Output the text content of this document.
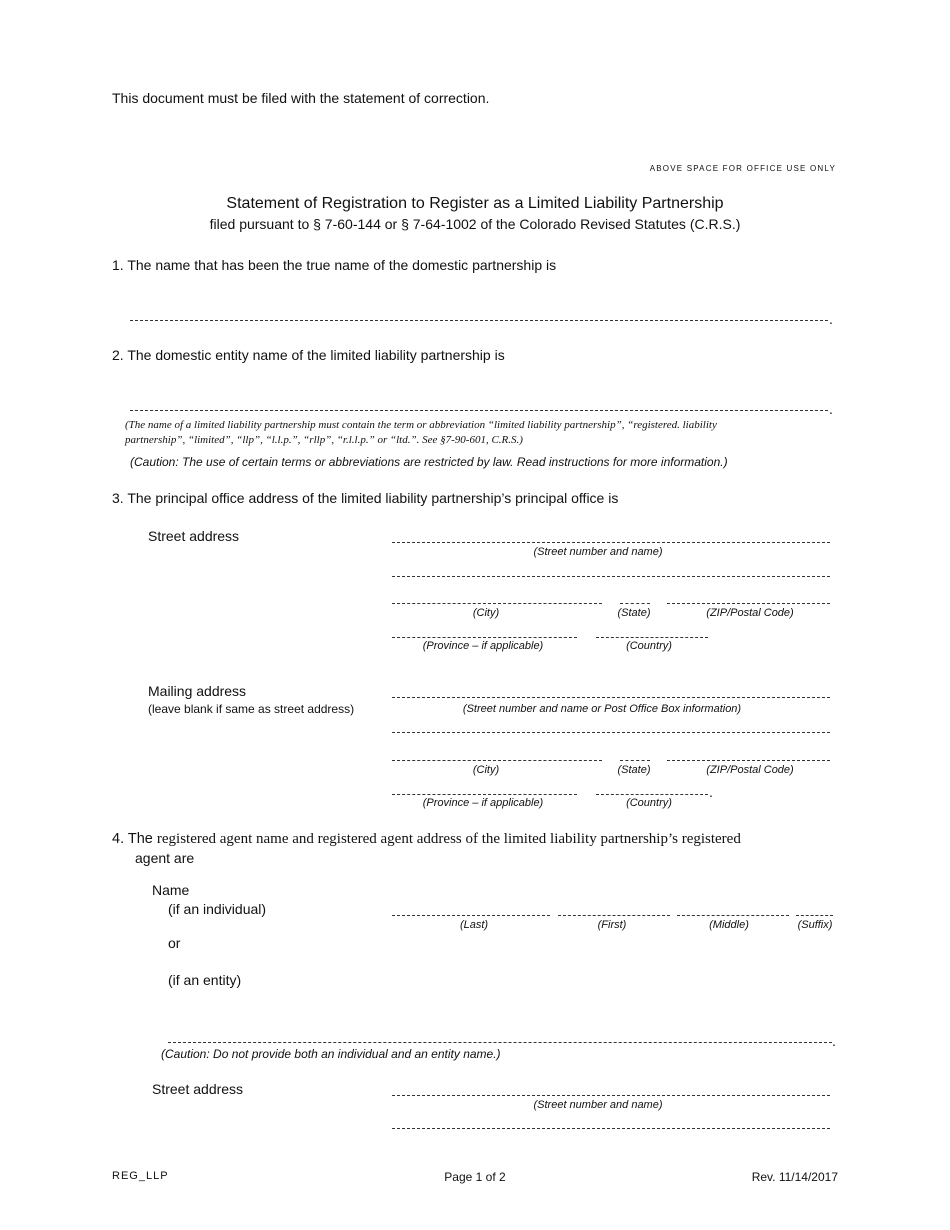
This document must be filed with the statement of correction.
ABOVE SPACE FOR OFFICE USE ONLY
Statement of Registration to Register as a Limited Liability Partnership
filed pursuant to § 7-60-144 or § 7-64-1002 of the Colorado Revised Statutes (C.R.S.)
1. The name that has been the true name of the domestic partnership is
.
2. The domestic entity name of the limited liability partnership is
.
(The name of a limited liability partnership must contain the term or abbreviation “limited liability partnership”, “registered. liability
partnership”, “limited”, “llp”, “l.l.p.”, “rllp”, “r.l.l.p.” or “ltd.”. See §7-90-601, C.R.S.)
(Caution: The use of certain terms or abbreviations are restricted by law. Read instructions for more information.)
3. The principal office address of the limited liability partnership’s principal office is
Street address
(Street number and name)
(City)	(State)	(ZIP/Postal Code)
(Province – if applicable)	(Country)
Mailing address
(leave blank if same as street address)	(Street number and name or Post Office Box information)
(City)	(State)	(ZIP/Postal Code)
.
(Province – if applicable)	(Country)
4. The registered agent name and registered agent address of the limited liability partnership’s registered
agent are
Name
(if an individual)
or
(if an entity)
(Last)	(First)	(Middle)	(Suffix)
.
(Caution: Do not provide both an individual and an entity name.)
Street address
(Street number and name)
REG_LLP	Page 1 of 2	Rev. 11/14/2017
